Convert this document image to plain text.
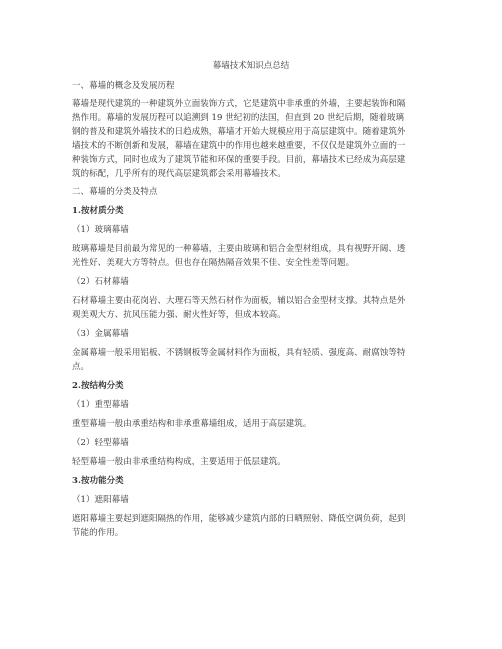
幕墙技术知识点总结
一、幕墙的概念及发展历程
幕墙是现代建筑的一种建筑外立面装饰方式，它是建筑中非承重的外墙，主要起装饰和隔
热作用。幕墙的发展历程可以追溯到 19 世纪初的法国，但直到 20 世纪后期，随着玻璃
钢的普及和建筑外墙技术的日趋成熟，幕墙才开始大规模应用于高层建筑中。随着建筑外
墙技术的不断创新和发展，幕墙在建筑中的作用也越来越重要，不仅仅是建筑外立面的一
种装饰方式，同时也成为了建筑节能和环保的重要手段。目前，幕墙技术已经成为高层建
筑的标配，几乎所有的现代高层建筑都会采用幕墙技术。
二、幕墙的分类及特点
1.按材质分类
（1）玻璃幕墙
玻璃幕墙是目前最为常见的一种幕墙，主要由玻璃和铝合金型材组成，具有视野开阔、透
光性好、美观大方等特点。但也存在隔热隔音效果不佳、安全性差等问题。
（2）石材幕墙
石材幕墙主要由花岗岩、大理石等天然石材作为面板，辅以铝合金型材支撑。其特点是外
观美观大方、抗风压能力强、耐火性好等，但成本较高。
（3）金属幕墙
金属幕墙一般采用铝板、不锈钢板等金属材料作为面板，具有轻质、强度高、耐腐蚀等特
点。
2.按结构分类
（1）重型幕墙
重型幕墙一般由承重结构和非承重幕墙组成，适用于高层建筑。
（2）轻型幕墙
轻型幕墙一般由非承重结构构成，主要适用于低层建筑。
3.按功能分类
（1）遮阳幕墙
遮阳幕墙主要起到遮阳隔热的作用，能够减少建筑内部的日晒照射、降低空调负荷，起到
节能的作用。
